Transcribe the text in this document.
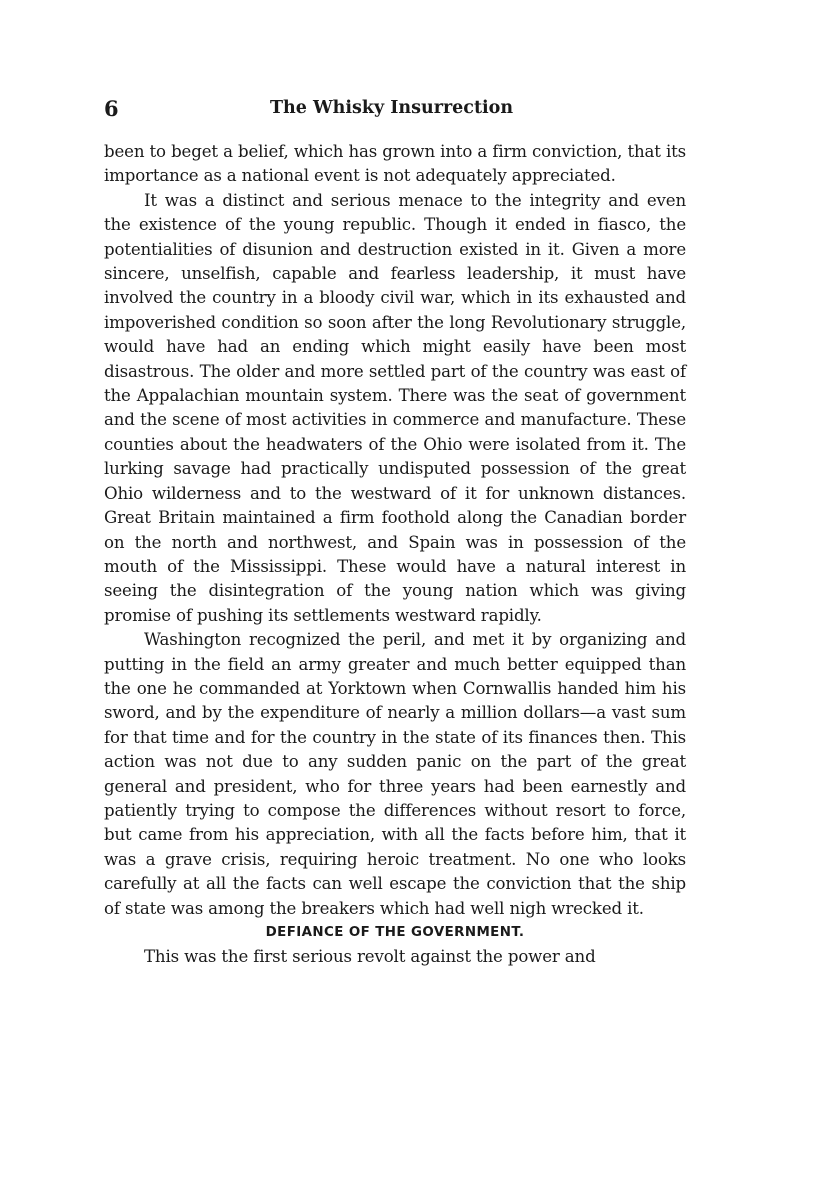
6	The Whisky Insurrection

been to beget a belief, which has grown into a firm conviction, that its importance as a national event is not adequately appreciated.

It was a distinct and serious menace to the integrity and even the existence of the young republic. Though it ended in fiasco, the potentialities of disunion and destruction existed in it. Given a more sincere, unselfish, capable and fearless leadership, it must have involved the country in a bloody civil war, which in its exhausted and impoverished condition so soon after the long Revolutionary struggle, would have had an ending which might easily have been most disastrous. The older and more settled part of the country was east of the Appalachian mountain system. There was the seat of government and the scene of most activities in commerce and manufacture. These counties about the headwaters of the Ohio were isolated from it. The lurking savage had practically undisputed possession of the great Ohio wilderness and to the westward of it for unknown distances. Great Britain maintained a firm foothold along the Canadian border on the north and northwest, and Spain was in possession of the mouth of the Mississippi. These would have a natural interest in seeing the disintegration of the young nation which was giving promise of pushing its settlements westward rapidly.

Washington recognized the peril, and met it by organizing and putting in the field an army greater and much better equipped than the one he commanded at Yorktown when Cornwallis handed him his sword, and by the expenditure of nearly a million dollars—a vast sum for that time and for the country in the state of its finances then. This action was not due to any sudden panic on the part of the great general and president, who for three years had been earnestly and patiently trying to compose the differences without resort to force, but came from his appreciation, with all the facts before him, that it was a grave crisis, requiring heroic treatment. No one who looks carefully at all the facts can well escape the conviction that the ship of state was among the breakers which had well nigh wrecked it.

DEFIANCE OF THE GOVERNMENT.

This was the first serious revolt against the power and
